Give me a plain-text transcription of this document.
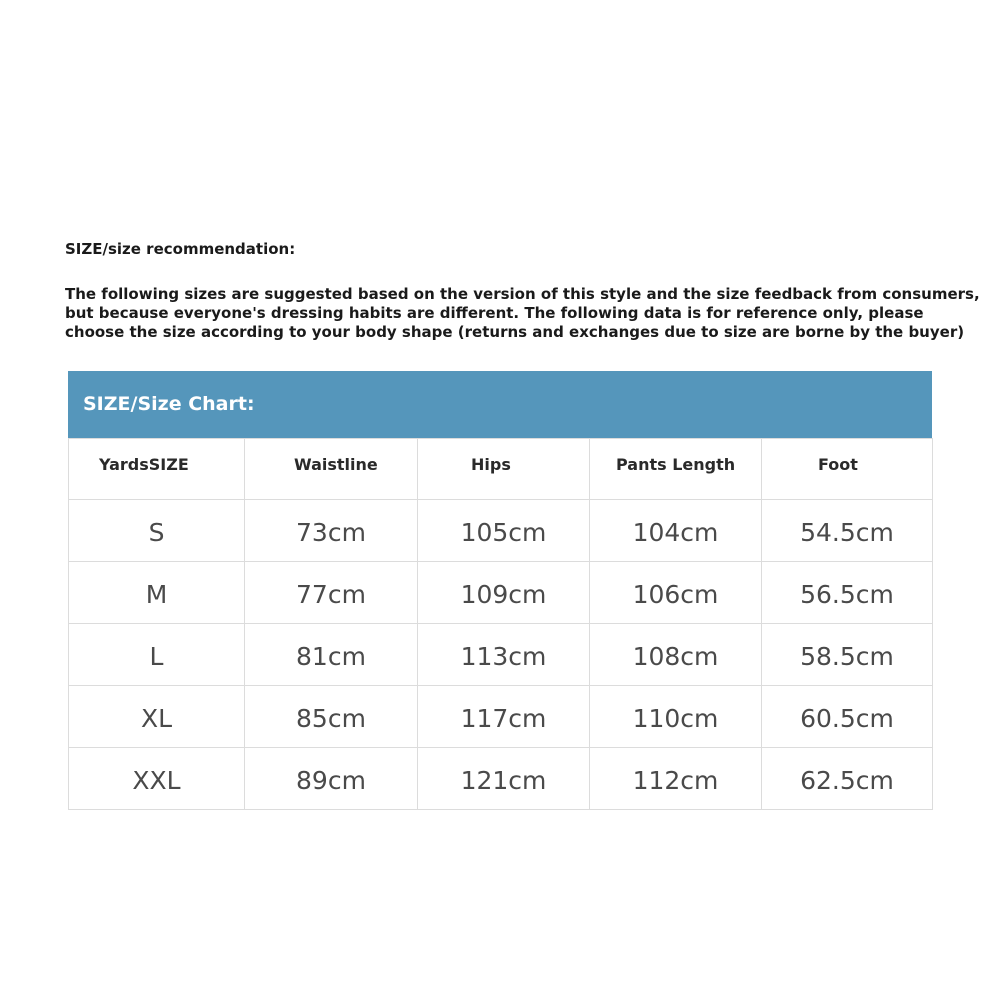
SIZE/size recommendation:
The following sizes are suggested based on the version of this style and the size feedback from consumers,
but because everyone's dressing habits are different. The following data is for reference only, please
choose the size according to your body shape (returns and exchanges due to size are borne by the buyer)
SIZE/Size Chart:
YardsSIZE	Waistline	Hips	Pants Length	Foot

S	73cm	105cm	104cm	54.5cm

M	77cm	109cm	106cm	56.5cm

L	81cm	113cm	108cm	58.5cm

XL	85cm	117cm	110cm	60.5cm

XXL	89cm	121cm	112cm	62.5cm
